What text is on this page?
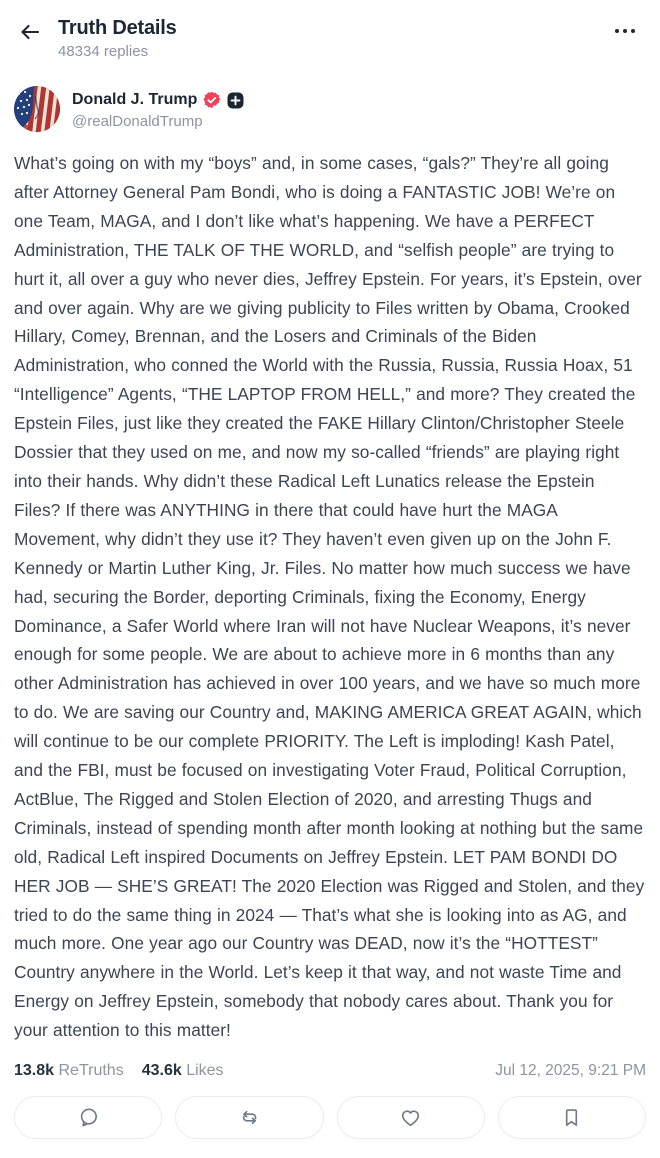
Truth Details
48334 replies
Donald J. Trump
@realDonaldTrump
What’s going on with my “boys” and, in some cases, “gals?” They’re all going after Attorney General Pam Bondi, who is doing a FANTASTIC JOB! We’re on one Team, MAGA, and I don’t like what’s happening. We have a PERFECT Administration, THE TALK OF THE WORLD, and “selfish people” are trying to hurt it, all over a guy who never dies, Jeffrey Epstein. For years, it’s Epstein, over and over again. Why are we giving publicity to Files written by Obama, Crooked Hillary, Comey, Brennan, and the Losers and Criminals of the Biden Administration, who conned the World with the Russia, Russia, Russia Hoax, 51 “Intelligence” Agents, “THE LAPTOP FROM HELL,” and more? They created the Epstein Files, just like they created the FAKE Hillary Clinton/Christopher Steele Dossier that they used on me, and now my so-called “friends” are playing right into their hands. Why didn’t these Radical Left Lunatics release the Epstein Files? If there was ANYTHING in there that could have hurt the MAGA Movement, why didn’t they use it? They haven’t even given up on the John F. Kennedy or Martin Luther King, Jr. Files. No matter how much success we have had, securing the Border, deporting Criminals, fixing the Economy, Energy Dominance, a Safer World where Iran will not have Nuclear Weapons, it’s never enough for some people. We are about to achieve more in 6 months than any other Administration has achieved in over 100 years, and we have so much more to do. We are saving our Country and, MAKING AMERICA GREAT AGAIN, which will continue to be our complete PRIORITY. The Left is imploding! Kash Patel, and the FBI, must be focused on investigating Voter Fraud, Political Corruption, ActBlue, The Rigged and Stolen Election of 2020, and arresting Thugs and Criminals, instead of spending month after month looking at nothing but the same old, Radical Left inspired Documents on Jeffrey Epstein. LET PAM BONDI DO HER JOB — SHE’S GREAT! The 2020 Election was Rigged and Stolen, and they tried to do the same thing in 2024 — That’s what she is looking into as AG, and much more. One year ago our Country was DEAD, now it’s the “HOTTEST” Country anywhere in the World. Let’s keep it that way, and not waste Time and Energy on Jeffrey Epstein, somebody that nobody cares about. Thank you for your attention to this matter!
13.8k ReTruths 43.6k Likes	Jul 12, 2025, 9:21 PM
